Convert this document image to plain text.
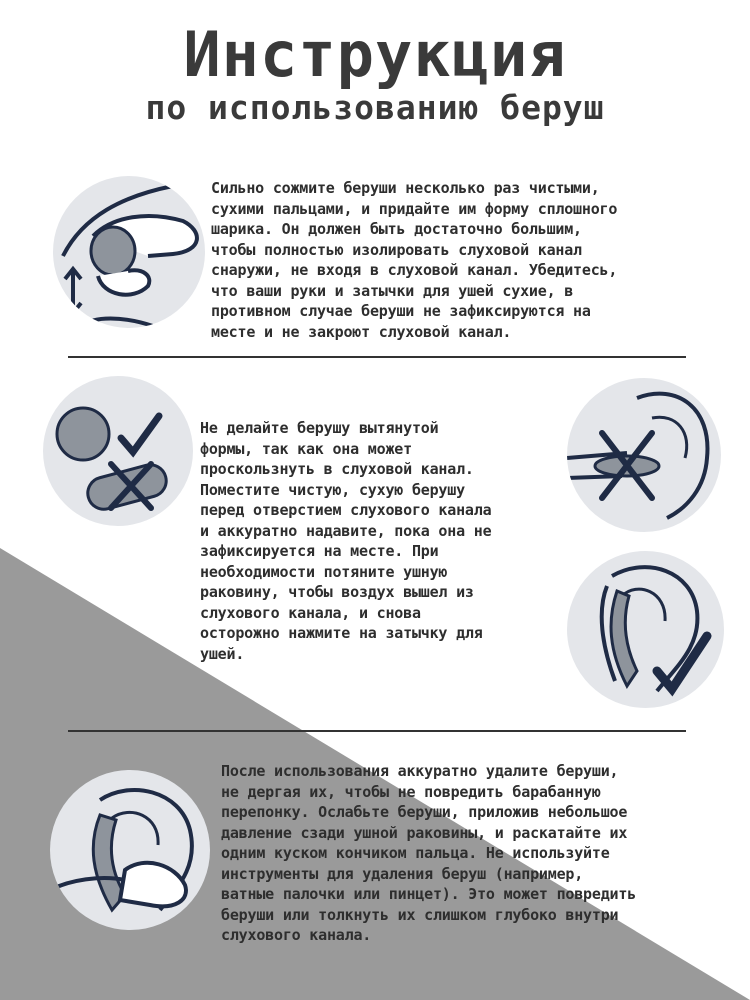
Инструкция
по использованию беруш

Сильно сожмите беруши несколько раз чистыми,
сухими пальцами, и придайте им форму сплошного
шарика. Он должен быть достаточно большим,
чтобы полностью изолировать слуховой канал
снаружи, не входя в слуховой канал. Убедитесь,
что ваши руки и затычки для ушей сухие, в
противном случае беруши не зафиксируются на
месте и не закроют слуховой канал.

Не делайте берушу вытянутой
формы, так как она может
проскользнуть в слуховой канал.
Поместите чистую, сухую берушу
перед отверстием слухового канала
и аккуратно надавите, пока она не
зафиксируется на месте. При
необходимости потяните ушную
раковину, чтобы воздух вышел из
слухового канала, и снова
осторожно нажмите на затычку для
ушей.

После использования аккуратно удалите беруши,
не дергая их, чтобы не повредить барабанную
перепонку. Ослабьте беруши, приложив небольшое
давление сзади ушной раковины, и раскатайте их
одним куском кончиком пальца. Не используйте
инструменты для удаления беруш (например,
ватные палочки или пинцет). Это может повредить
беруши или толкнуть их слишком глубоко внутри
слухового канала.
